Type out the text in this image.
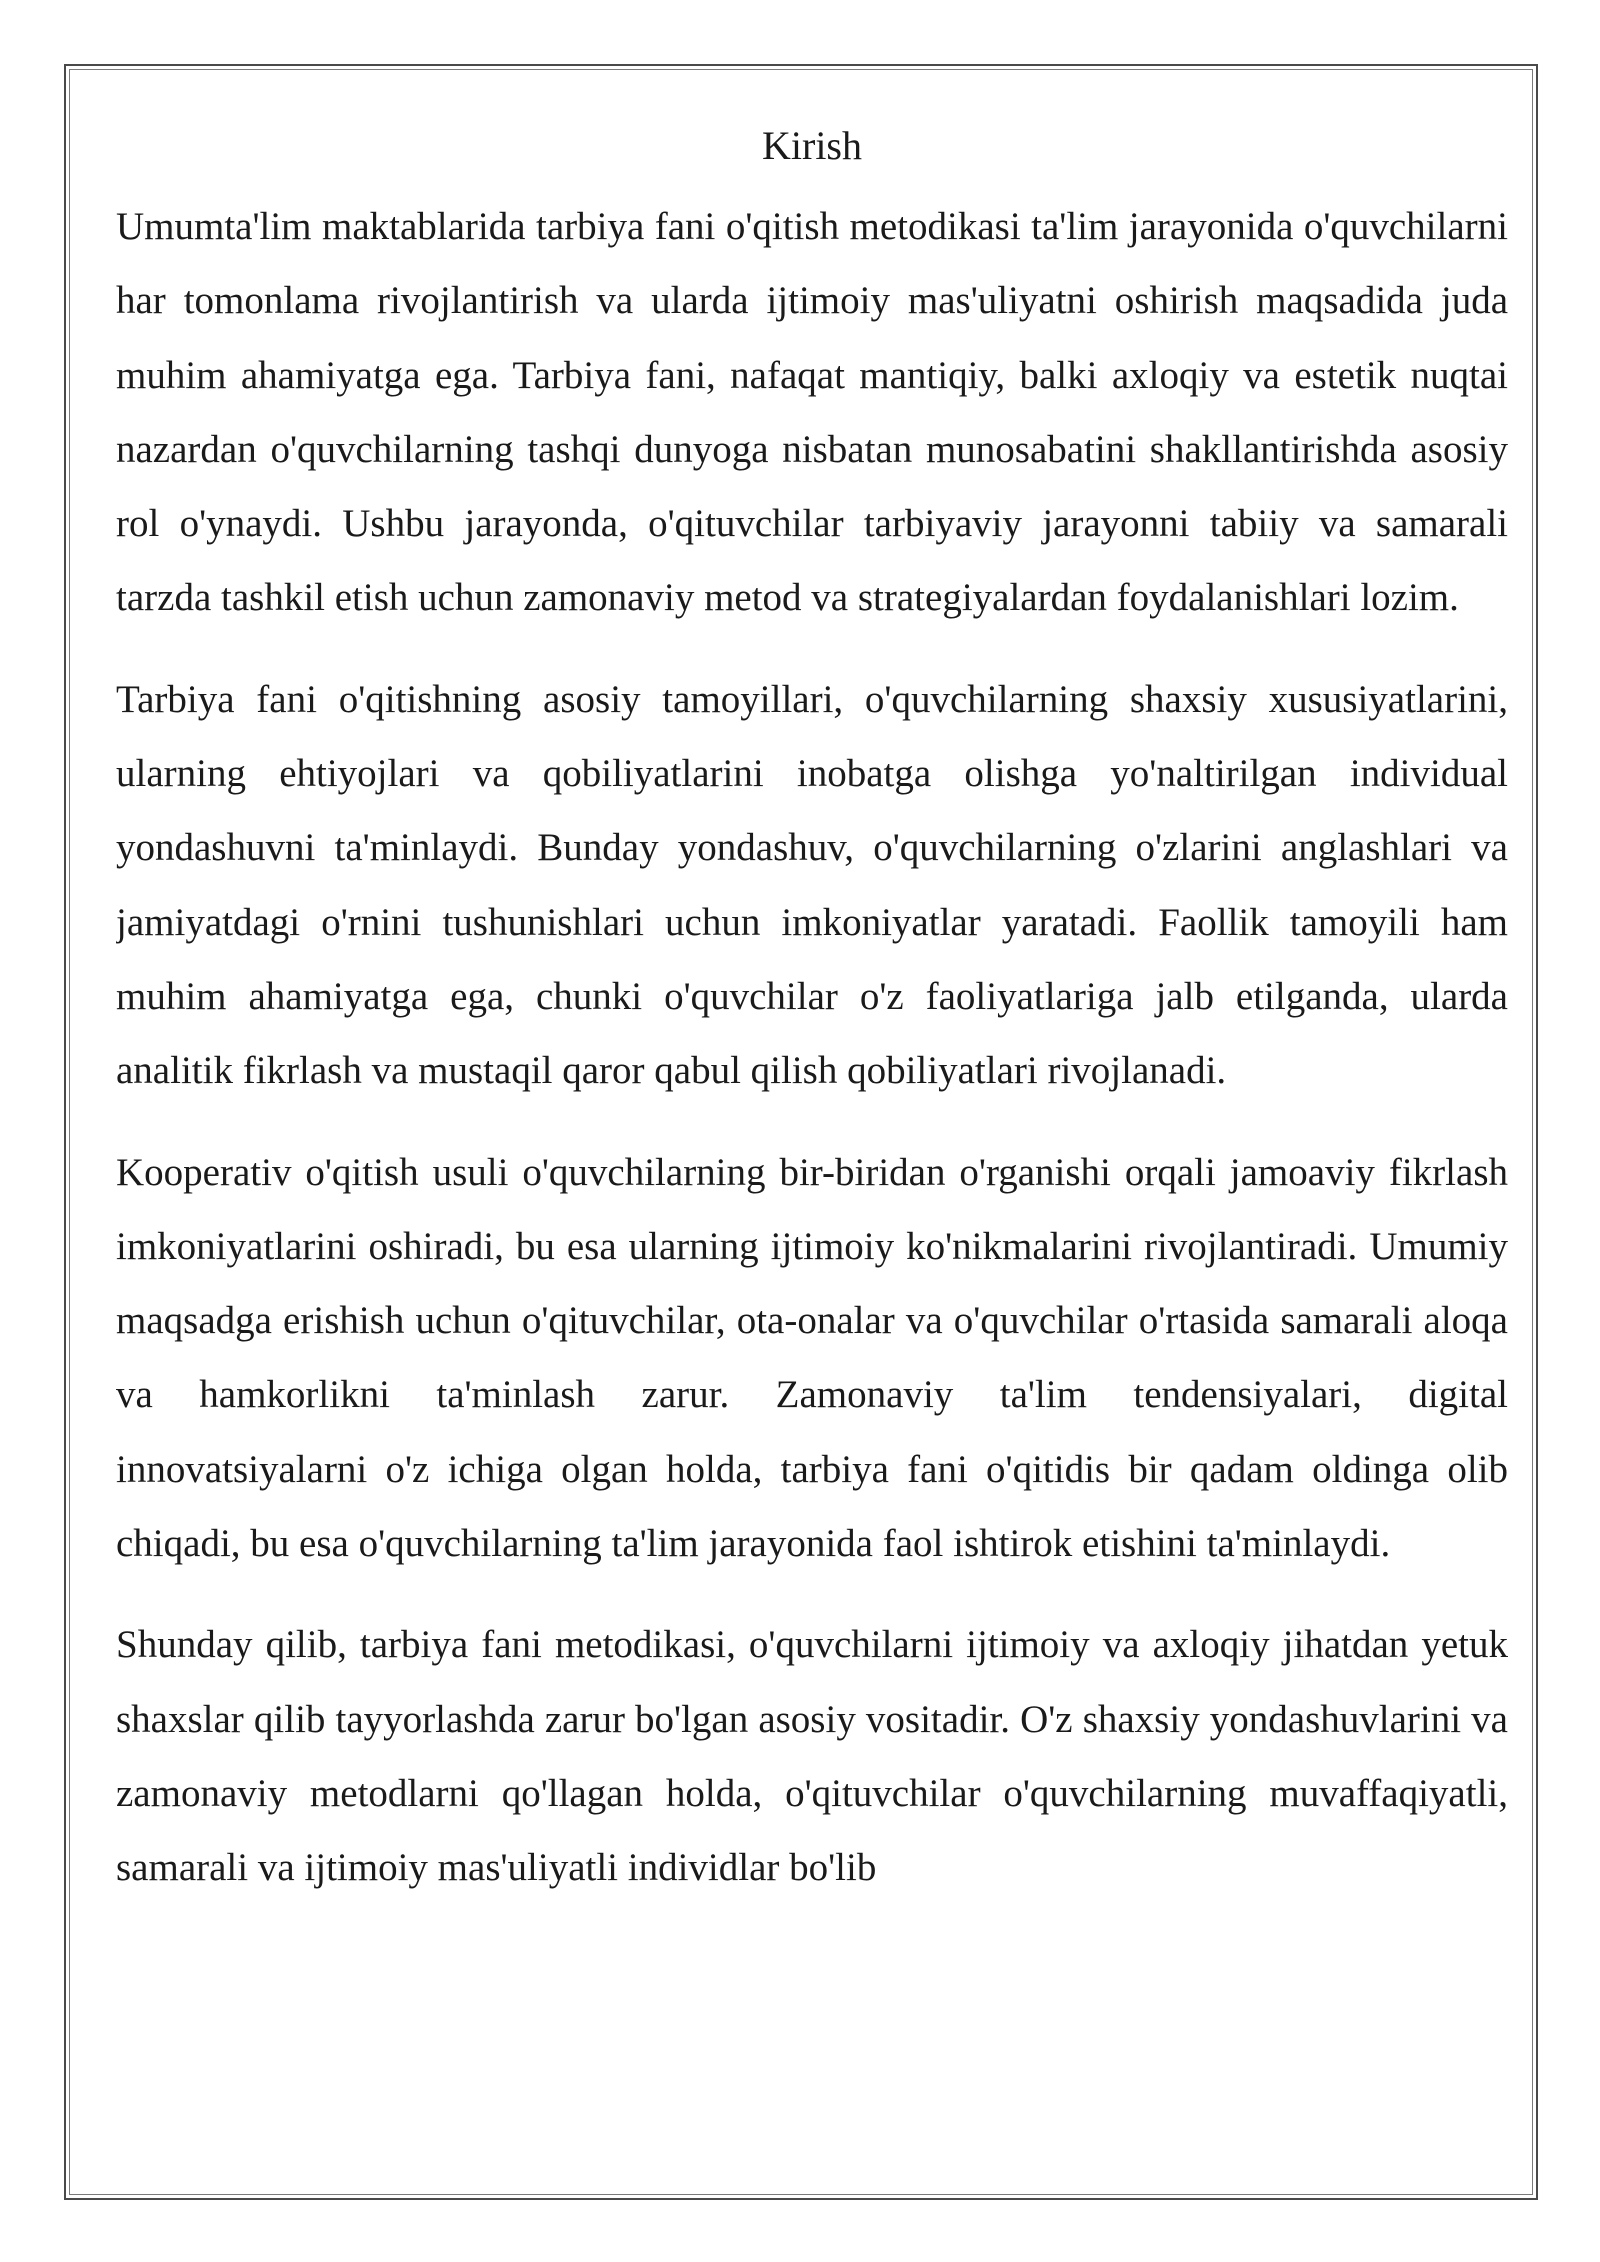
Kirish

Umumta'lim maktablarida tarbiya fani o'qitish metodikasi ta'lim jarayonida o'quvchilarni har tomonlama rivojlantirish va ularda ijtimoiy mas'uliyatni oshirish maqsadida juda muhim ahamiyatga ega. Tarbiya fani, nafaqat mantiqiy, balki axloqiy va estetik nuqtai nazardan o'quvchilarning tashqi dunyoga nisbatan munosabatini shakllantirishda asosiy rol o'ynaydi. Ushbu jarayonda, o'qituvchilar tarbiyaviy jarayonni tabiiy va samarali tarzda tashkil etish uchun zamonaviy metod va strategiyalardan foydalanishlari lozim.

Tarbiya fani o'qitishning asosiy tamoyillari, o'quvchilarning shaxsiy xususiyatlarini, ularning ehtiyojlari va qobiliyatlarini inobatga olishga yo'naltirilgan individual yondashuvni ta'minlaydi. Bunday yondashuv, o'quvchilarning o'zlarini anglashlari va jamiyatdagi o'rnini tushunishlari uchun imkoniyatlar yaratadi. Faollik tamoyili ham muhim ahamiyatga ega, chunki o'quvchilar o'z faoliyatlariga jalb etilganda, ularda analitik fikrlash va mustaqil qaror qabul qilish qobiliyatlari rivojlanadi.

Kooperativ o'qitish usuli o'quvchilarning bir-biridan o'rganishi orqali jamoaviy fikrlash imkoniyatlarini oshiradi, bu esa ularning ijtimoiy ko'nikmalarini rivojlantiradi. Umumiy maqsadga erishish uchun o'qituvchilar, ota-onalar va o'quvchilar o'rtasida samarali aloqa va hamkorlikni ta'minlash zarur. Zamonaviy ta'lim tendensiyalari, digital innovatsiyalarni o'z ichiga olgan holda, tarbiya fani o'qitidis bir qadam oldinga olib chiqadi, bu esa o'quvchilarning ta'lim jarayonida faol ishtirok etishini ta'minlaydi.

Shunday qilib, tarbiya fani metodikasi, o'quvchilarni ijtimoiy va axloqiy jihatdan yetuk shaxslar qilib tayyorlashda zarur bo'lgan asosiy vositadir. O'z shaxsiy yondashuvlarini va zamonaviy metodlarni qo'llagan holda, o'qituvchilar o'quvchilarning muvaffaqiyatli, samarali va ijtimoiy mas'uliyatli individlar bo'lib
